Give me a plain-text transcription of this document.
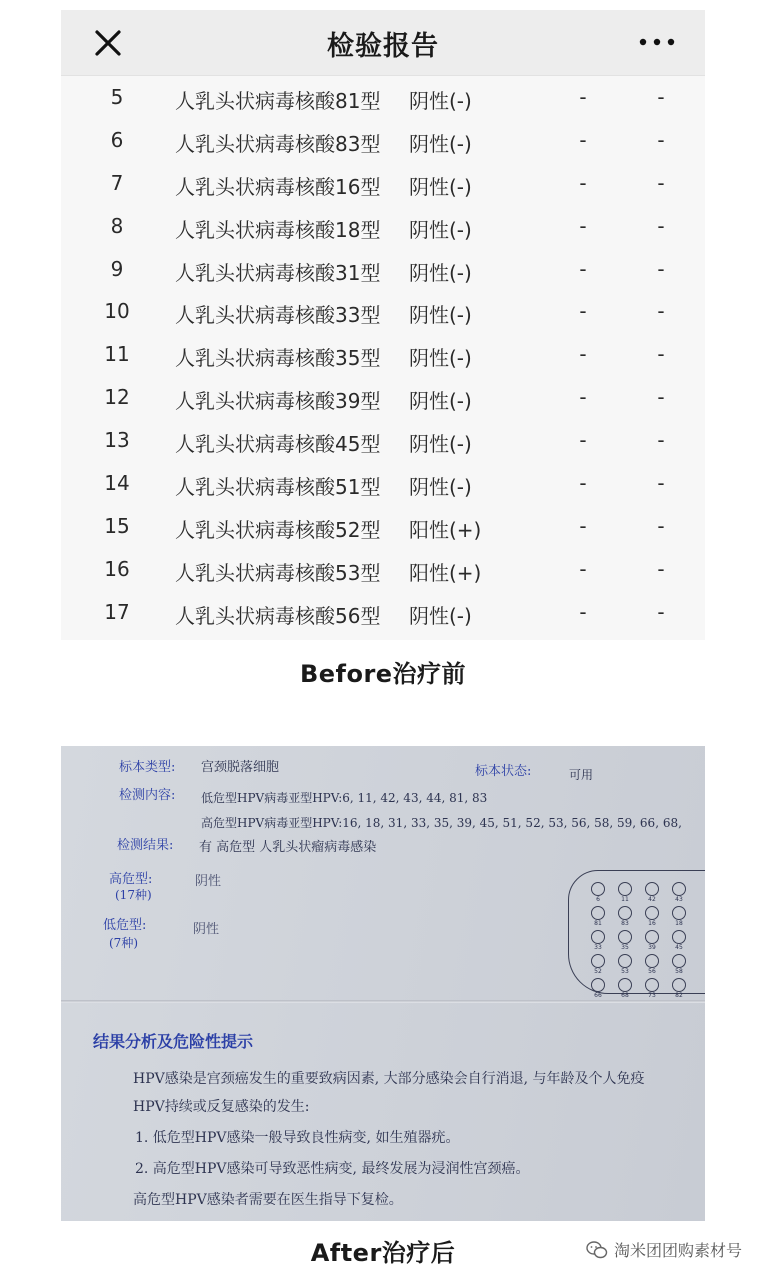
检验报告
5	人乳头状病毒核酸81型 阴性(-)	-	-
6	人乳头状病毒核酸83型 阴性(-)	-	-
7	人乳头状病毒核酸16型 阴性(-)	-	-
8	人乳头状病毒核酸18型 阴性(-)	-	-
9	人乳头状病毒核酸31型 阴性(-)	-	-
10	人乳头状病毒核酸33型 阴性(-)	-	-
11	人乳头状病毒核酸35型 阴性(-)	-	-
12	人乳头状病毒核酸39型 阴性(-)	-	-
13	人乳头状病毒核酸45型 阴性(-)	-	-
14	人乳头状病毒核酸51型 阴性(-)	-	-
15	人乳头状病毒核酸52型 阳性(+)	-	-
16	人乳头状病毒核酸53型 阳性(+)	-	-
17	人乳头状病毒核酸56型 阴性(-)	-	-
Before治疗前
标本类型: 宫颈脱落细胞	标本状态:	可用
检测内容: 低危型HPV病毒亚型HPV:6, 11, 42, 43, 44, 81, 83
高危型HPV病毒亚型HPV:16, 18, 31, 33, 35, 39, 45, 51, 52, 53, 56, 58, 59, 66, 68,
检测结果: 有 高危型 人乳头状瘤病毒感染
高危型:
(17种)
阴性
低危型:
(7种)
阴性
6	11	42	43
81	83	16	18
33	35	39	45
52	53	56	58
66	68	73	82
结果分析及危险性提示
HPV感染是宫颈癌发生的重要致病因素, 大部分感染会自行消退, 与年龄及个人免疫
HPV持续或反复感染的发生:
1. 低危型HPV感染一般导致良性病变, 如生殖器疣。
2. 高危型HPV感染可导致恶性病变, 最终发展为浸润性宫颈癌。
高危型HPV感染者需要在医生指导下复检。
After治疗后	淘米团团购素材号
